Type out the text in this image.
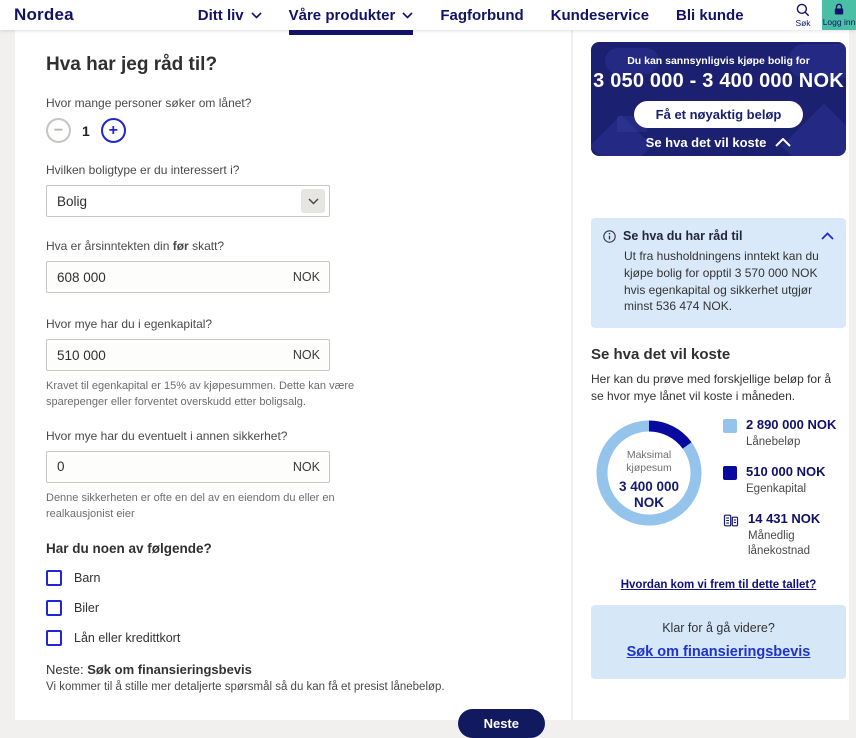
Nordea	Ditt liv	Våre produkter	Fagforbund Kundeservice Bli kunde	Søk Logg inn
Hva har jeg råd til?
Hvor mange personer søker om lånet?
−	1	+
Hvilken boligtype er du interessert i?
Bolig
Hva er årsinntekten din før skatt?
608 000
NOK
Hvor mye har du i egenkapital?
510 000
NOK
Kravet til egenkapital er 15% av kjøpesummen. Dette kan være sparepenger eller forventet overskudd etter boligsalg.
Hvor mye har du eventuelt i annen sikkerhet?
0
NOK
Denne sikkerheten er ofte en del av en eiendom du eller en realkausjonist eier
Har du noen av følgende?
Barn
Biler
Lån eller kredittkort
Neste: Søk om finansieringsbevis
Vi kommer til å stille mer detaljerte spørsmål så du kan få et presist lånebeløp.
Neste
Du kan sannsynligvis kjøpe bolig for
3 050 000 - 3 400 000 NOK
Få et nøyaktig beløp
Se hva det vil koste
Se hva du har råd til
Ut fra husholdningens inntekt kan du kjøpe bolig for opptil 3 570 000 NOK hvis egenkapital og sikkerhet utgjør minst 536 474 NOK.
Se hva det vil koste
Her kan du prøve med forskjellige beløp for å se hvor mye lånet vil koste i måneden.
Maksimal
kjøpesum
3 400 000
NOK
2 890 000 NOK
Lånebeløp
510 000 NOK
Egenkapital
14 431 NOK
Månedlig lånekostnad
Hvordan kom vi frem til dette tallet?
Klar for å gå videre?
Søk om finansieringsbevis
